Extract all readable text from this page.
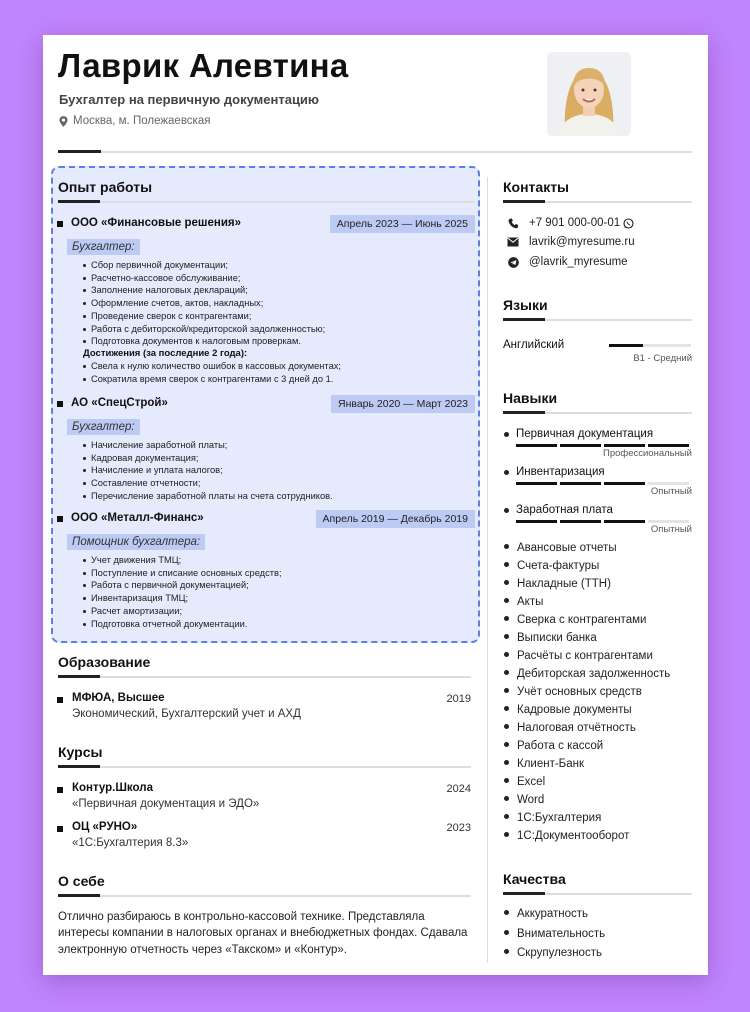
Лаврик Алевтина
Бухгалтер на первичную документацию
Москва, м. Полежаевская
Опыт работы
ООО «Финансовые решения»	Апрель 2023 — Июнь 2025
Бухгалтер:
Сбор первичной документации;
Расчетно-кассовое обслуживание;
Заполнение налоговых деклараций;
Оформление счетов, актов, накладных;
Проведение сверок с контрагентами;
Работа с дебиторской/кредиторской задолженностью;
Подготовка документов к налоговым проверкам.
Достижения (за последние 2 года):
Свела к нулю количество ошибок в кассовых документах;
Сократила время сверок с контрагентами с 3 дней до 1.
АО «СпецСтрой»	Январь 2020 — Март 2023
Бухгалтер:
Начисление заработной платы;
Кадровая документация;
Начисление и уплата налогов;
Составление отчетности;
Перечисление заработной платы на счета сотрудников.
ООО «Металл-Финанс»	Апрель 2019 — Декабрь 2019
Помощник бухгалтера:
Учет движения ТМЦ;
Поступление и списание основных средств;
Работа с первичной документацией;
Инвентаризация ТМЦ;
Расчет амортизации;
Подготовка отчетной документации.
Образование
МФЮА, Высшее
Экономический, Бухгалтерский учет и АХД
2019
Курсы
Контур.Школа
«Первичная документация и ЭДО»
2024
ОЦ «РУНО»
«1С:Бухгалтерия 8.3»
2023
О себе
Отлично разбираюсь в контрольно-кассовой технике. Представляла интересы компании в налоговых органах и внебюджетных фондах. Сдавала электронную отчетность через «Такском» и «Контур».
Контакты
+7 901 000-00-01
lavrik@myresume.ru
@lavrik_myresume
Языки
Английский
B1 - Средний
Навыки
Первичная документация
Профессиональный
Инвентаризация
Опытный
Заработная плата
Опытный
Авансовые отчеты
Счета-фактуры
Накладные (ТТН)
Акты
Сверка с контрагентами
Выписки банка
Расчёты с контрагентами
Дебиторская задолженность
Учёт основных средств
Кадровые документы
Налоговая отчётность
Работа с кассой
Клиент-Банк
Excel
Word
1С:Бухгалтерия
1С:Документооборот
Качества
Аккуратность
Внимательность
Скрупулезность
